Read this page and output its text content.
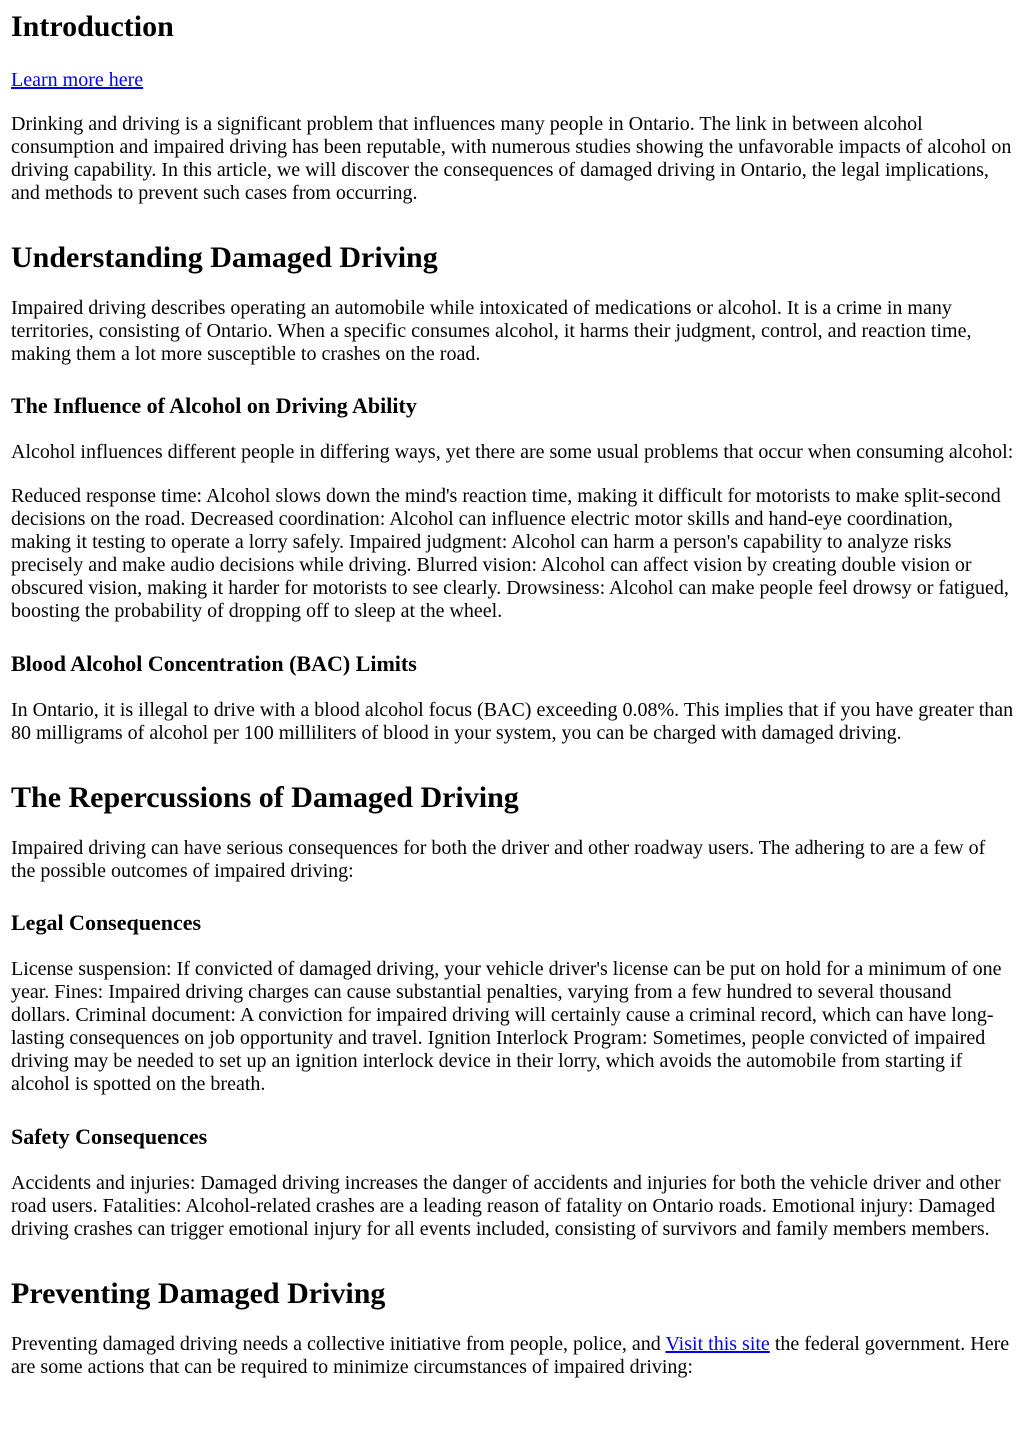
Introduction

Learn more here

Drinking and driving is a significant problem that influences many people in Ontario. The link in between alcohol consumption and impaired driving has been reputable, with numerous studies showing the unfavorable impacts of alcohol on driving capability. In this article, we will discover the consequences of damaged driving in Ontario, the legal implications, and methods to prevent such cases from occurring.

Understanding Damaged Driving

Impaired driving describes operating an automobile while intoxicated of medications or alcohol. It is a crime in many territories, consisting of Ontario. When a specific consumes alcohol, it harms their judgment, control, and reaction time, making them a lot more susceptible to crashes on the road.

The Influence of Alcohol on Driving Ability

Alcohol influences different people in differing ways, yet there are some usual problems that occur when consuming alcohol:

Reduced response time: Alcohol slows down the mind's reaction time, making it difficult for motorists to make split-second decisions on the road. Decreased coordination: Alcohol can influence electric motor skills and hand-eye coordination, making it testing to operate a lorry safely. Impaired judgment: Alcohol can harm a person's capability to analyze risks precisely and make audio decisions while driving. Blurred vision: Alcohol can affect vision by creating double vision or obscured vision, making it harder for motorists to see clearly. Drowsiness: Alcohol can make people feel drowsy or fatigued, boosting the probability of dropping off to sleep at the wheel.

Blood Alcohol Concentration (BAC) Limits

In Ontario, it is illegal to drive with a blood alcohol focus (BAC) exceeding 0.08%. This implies that if you have greater than 80 milligrams of alcohol per 100 milliliters of blood in your system, you can be charged with damaged driving.

The Repercussions of Damaged Driving

Impaired driving can have serious consequences for both the driver and other roadway users. The adhering to are a few of the possible outcomes of impaired driving:

Legal Consequences

License suspension: If convicted of damaged driving, your vehicle driver's license can be put on hold for a minimum of one year. Fines: Impaired driving charges can cause substantial penalties, varying from a few hundred to several thousand dollars. Criminal document: A conviction for impaired driving will certainly cause a criminal record, which can have long-lasting consequences on job opportunity and travel. Ignition Interlock Program: Sometimes, people convicted of impaired driving may be needed to set up an ignition interlock device in their lorry, which avoids the automobile from starting if alcohol is spotted on the breath.

Safety Consequences

Accidents and injuries: Damaged driving increases the danger of accidents and injuries for both the vehicle driver and other road users. Fatalities: Alcohol-related crashes are a leading reason of fatality on Ontario roads. Emotional injury: Damaged driving crashes can trigger emotional injury for all events included, consisting of survivors and family members members.

Preventing Damaged Driving

Preventing damaged driving needs a collective initiative from people, police, and Visit this site the federal government. Here are some actions that can be required to minimize circumstances of impaired driving:
